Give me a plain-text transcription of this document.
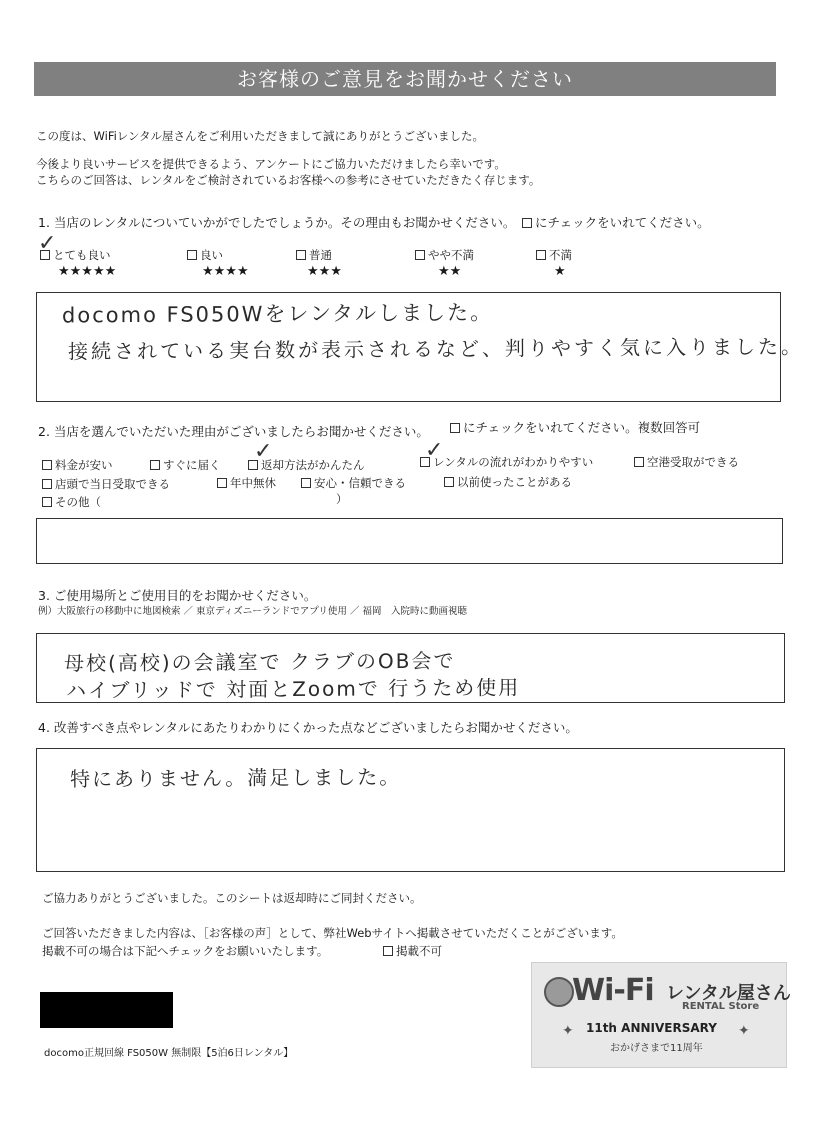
お客様のご意見をお聞かせください
この度は、WiFiレンタル屋さんをご利用いただきまして誠にありがとうございました。
今後より良いサービスを提供できるよう、アンケートにご協力いただけましたら幸いです。
こちらのご回答は、レンタルをご検討されているお客様への参考にさせていただきたく存じます。
1. 当店のレンタルについていかがでしたでしょうか。その理由もお聞かせください。	にチェックをいれてください。
とても良い
✓
★★★★★
良い
★★★★
普通
★★★
やや不満
★★
不満
★
docomo FS050Wをレンタルしました。
接続されている実台数が表示されるなど、判りやすく気に入りました。
2. 当店を選んでいただいた理由がございましたらお聞かせください。	にチェックをいれてください。複数回答可
料金が安い	すぐに届く	返却方法がかんたん
✓	レンタルの流れがわかりやすい
✓	空港受取ができる
店頭で当日受取できる	年中無休	安心・信頼できる	以前使ったことがある
その他（	）
3. ご使用場所とご使用目的をお聞かせください。
例）大阪旅行の移動中に地図検索 ／ 東京ディズニーランドでアプリ使用 ／ 福岡　入院時に動画視聴
母校(高校)の会議室で クラブのOB会で
ハイブリッドで 対面とZoomで 行うため使用
4. 改善すべき点やレンタルにあたりわかりにくかった点などございましたらお聞かせください。
特にありません。満足しました。
ご協力ありがとうございました。このシートは返却時にご同封ください。
ご回答いただきました内容は、［お客様の声］として、弊社Webサイトへ掲載させていただくことがございます。
掲載不可の場合は下記へチェックをお願いいたします。	掲載不可
docomo正規回線 FS050W 無制限【5泊6日レンタル】
Wi-Fi レンタル屋さん
RENTAL Store
11th ANNIVERSARY
おかげさまで11周年
✦	✦
